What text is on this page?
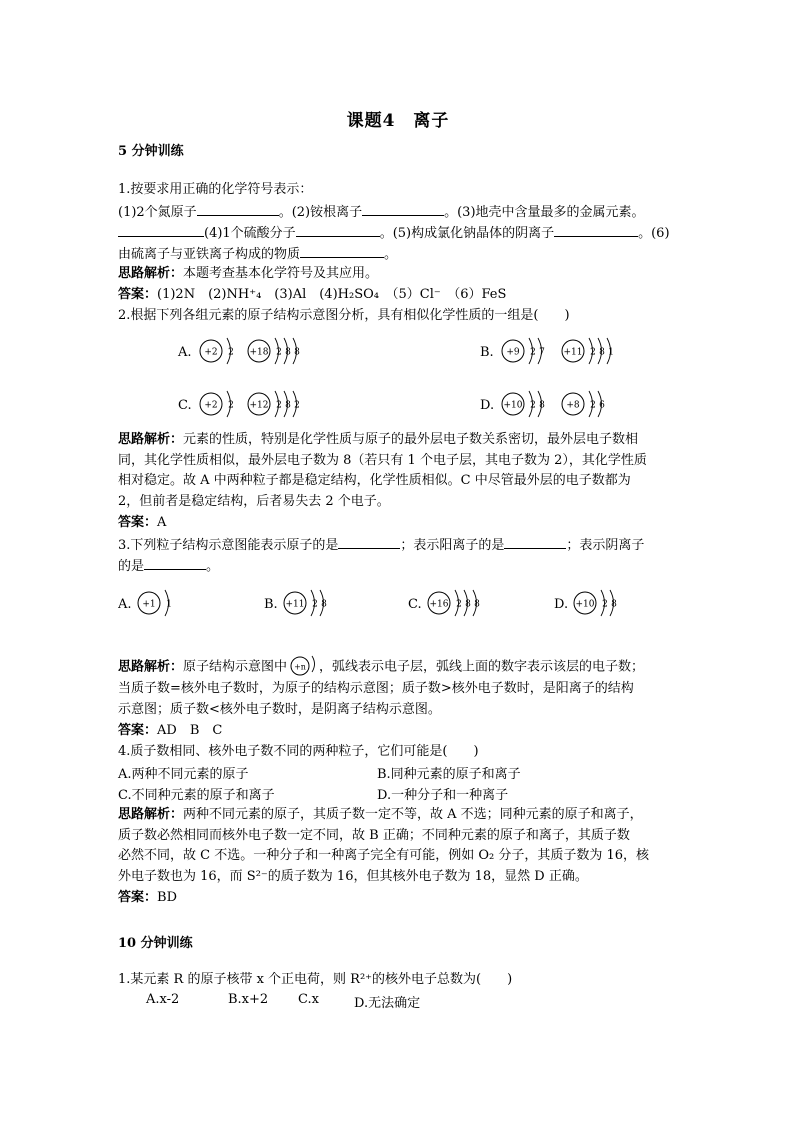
课题4　离子
5 分钟训练
1.按要求用正确的化学符号表示：
(1)2个氮原子	。(2)铵根离子	。(3)地壳中含量最多的金属元素。
(4)1个硫酸分子	。(5)构成氯化钠晶体的阴离子	。(6)
由硫离子与亚铁离子构成的物质	。
思路解析：本题考查基本化学符号及其应用。
答案：(1)2N　(2)NH⁺₄　(3)Al　(4)H₂SO₄　（5）Cl⁻　（6）FeS
2.根据下列各组元素的原子结构示意图分析，具有相似化学性质的一组是(　　)
A. +2 2 +18 2 8 8	B. +9 2 7 +11 2 8 1
C. +2 2 +12 2 8 2	D. +10 2 8 +8 2 6
思路解析：元素的性质，特别是化学性质与原子的最外层电子数关系密切，最外层电子数相
同，其化学性质相似，最外层电子数为 8（若只有 1 个电子层，其电子数为 2），其化学性质
相对稳定。故 A 中两种粒子都是稳定结构，化学性质相似。C 中尽管最外层的电子数都为
2，但前者是稳定结构，后者易失去 2 个电子。
答案：A
3.下列粒子结构示意图能表示原子的是	；表示阳离子的是	；表示阴离子
的是	。
A. +1 1	B. +11 2 8	C. +16 2 8 8	D. +10 2 8
思路解析：原子结构示意图中 +n ，弧线表示电子层，弧线上面的数字表示该层的电子数；
当质子数=核外电子数时，为原子的结构示意图；质子数>核外电子数时，是阳离子的结构
示意图；质子数<核外电子数时，是阴离子结构示意图。
答案：AD　B　C
4.质子数相同、核外电子数不同的两种粒子，它们可能是(　　)
A.两种不同元素的原子	B.同种元素的原子和离子
C.不同种元素的原子和离子	D.一种分子和一种离子
思路解析：两种不同元素的原子，其质子数一定不等，故 A 不选；同种元素的原子和离子，
质子数必然相同而核外电子数一定不同，故 B 正确；不同种元素的原子和离子，其质子数
必然不同，故 C 不选。一种分子和一种离子完全有可能，例如 O₂ 分子，其质子数为 16，核
外电子数也为 16，而 S²⁻的质子数为 16，但其核外电子数为 18，显然 D 正确。
答案：BD
10 分钟训练
1.某元素 R 的原子核带 x 个正电荷，则 R²⁺的核外电子总数为(　　)
A.x-2	B.x+2 C.x	D.无法确定
